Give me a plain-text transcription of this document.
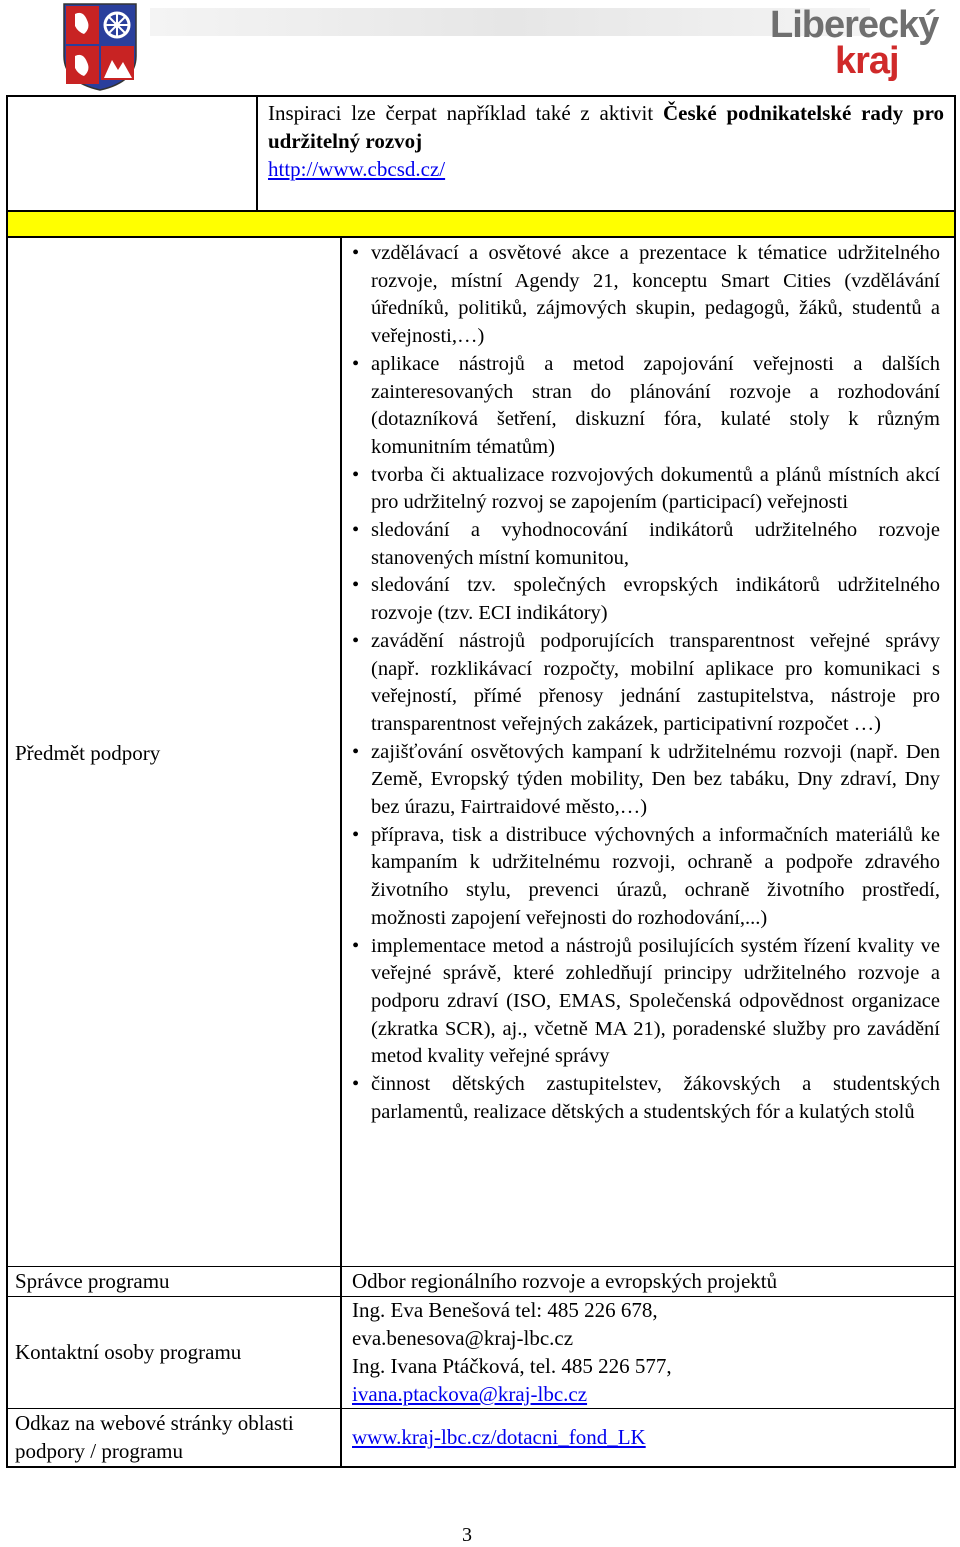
Liberecký
kraj
Inspiraci lze čerpat například také z aktivit České podnikatelské rady pro udržitelný rozvoj
http://www.cbcsd.cz/
Předmět podpory
Správce programu
Kontaktní osoby programu
Odkaz na webové stránky oblasti podpory / programu
• vzdělávací a osvětové akce a prezentace k tématice udržitelného rozvoje, místní Agendy 21, konceptu Smart Cities (vzdělávání úředníků, politiků, zájmových skupin, pedagogů, žáků, studentů a veřejnosti,…)
• aplikace nástrojů a metod zapojování veřejnosti a dalších zainteresovaných stran do plánování rozvoje a rozhodování (dotazníková šetření, diskuzní fóra, kulaté stoly k různým komunitním tématům)
• tvorba či aktualizace rozvojových dokumentů a plánů místních akcí pro udržitelný rozvoj se zapojením (participací) veřejnosti
• sledování a vyhodnocování indikátorů udržitelného rozvoje stanovených místní komunitou,
• sledování tzv. společných evropských indikátorů udržitelného rozvoje (tzv. ECI indikátory)
• zavádění nástrojů podporujících transparentnost veřejné správy (např. rozklikávací rozpočty, mobilní aplikace pro komunikaci s veřejností, přímé přenosy jednání zastupitelstva, nástroje pro transparentnost veřejných zakázek, participativní rozpočet …)
• zajišťování osvětových kampaní k udržitelnému rozvoji (např. Den Země, Evropský týden mobility, Den bez tabáku, Dny zdraví, Dny bez úrazu, Fairtraidové město,…)
• příprava, tisk a distribuce výchovných a informačních materiálů ke kampaním k udržitelnému rozvoji, ochraně a podpoře zdravého životního stylu, prevenci úrazů, ochraně životního prostředí, možnosti zapojení veřejnosti do rozhodování,...)
• implementace metod a nástrojů posilujících systém řízení kvality ve veřejné správě, které zohledňují principy udržitelného rozvoje a podporu zdraví (ISO, EMAS, Společenská odpovědnost organizace (zkratka SCR), aj., včetně MA 21), poradenské služby pro zavádění metod kvality veřejné správy
• činnost dětských zastupitelstev, žákovských a studentských parlamentů, realizace dětských a studentských fór a kulatých stolů
Odbor regionálního rozvoje a evropských projektů
Ing. Eva Benešová tel: 485 226 678,
eva.benesova@kraj-lbc.cz
Ing. Ivana Ptáčková, tel. 485 226 577,
ivana.ptackova@kraj-lbc.cz
www.kraj-lbc.cz/dotacni_fond_LK
3
